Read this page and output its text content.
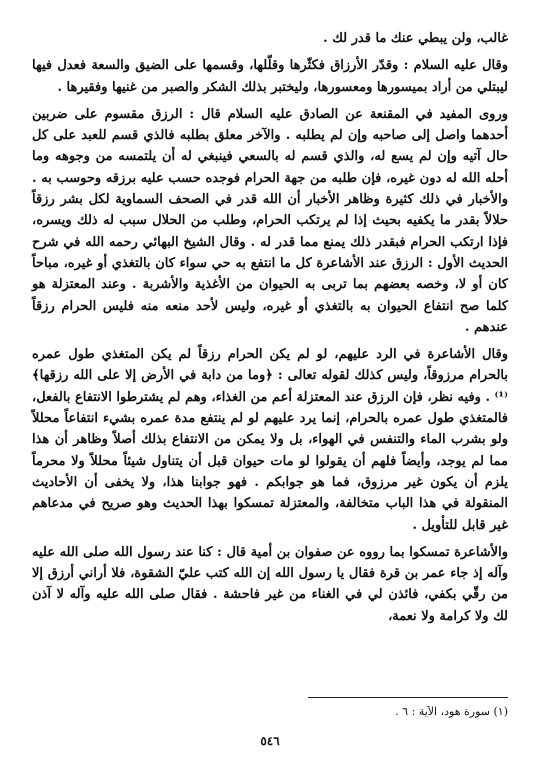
غالب، ولن يبطي عنك ما قدر لك .

وقال عليه السلام : وقدّر الأرزاق فكثّرها وقلّلها، وقسمها على الضيق والسعة فعدل فيها ليبتلي من أراد بميسورها ومعسورها، وليختبر بذلك الشكر والصبر من غنيها وفقيرها .

وروى المفيد في المقنعة عن الصادق عليه السلام قال : الرزق مقسوم على ضربين أحدهما واصل إلى صاحبه وإن لم يطلبه . والآخر معلق بطلبه فالذي قسم للعبد على كل حال آتيه وإن لم يسع له، والذي قسم له بالسعي فينبغي له أن يلتمسه من وجوهه وما أحله الله له دون غيره، فإن طلبه من جهة الحرام فوجده حسب عليه برزقه وحوسب به . والأخبار في ذلك كثيرة وظاهر الأخبار أن الله قدر في الصحف السماوية لكل بشر رزقاً حلالاً بقدر ما يكفيه بحيث إذا لم يرتكب الحرام، وطلب من الحلال سبب له ذلك ويسره، فإذا ارتكب الحرام فبقدر ذلك يمنع مما قدر له . وقال الشيخ البهائي رحمه الله في شرح الحديث الأول : الرزق عند الأشاعرة كل ما انتفع به حي سواء كان بالتغذي أو غيره، مباحاً كان أو لا، وخصه بعضهم بما تربى به الحيوان من الأغذية والأشربة . وعند المعتزلة هو كلما صح انتفاع الحيوان به بالتغذي أو غيره، وليس لأحد منعه منه فليس الحرام رزقاً عندهم .

وقال الأشاعرة في الرد عليهم، لو لم يكن الحرام رزقاً لم يكن المتغذي طول عمره بالحرام مرزوقاً، وليس كذلك لقوله تعالى : ﴿وما من دابة في الأرض إلا على الله رزقها﴾⁽¹⁾ . وفيه نظر، فإن الرزق عند المعتزلة أعم من الغذاء، وهم لم يشترطوا الانتفاع بالفعل، فالمتغذي طول عمره بالحرام، إنما يرد عليهم لو لم ينتفع مدة عمره بشيء انتفاعاً محللاً ولو بشرب الماء والتنفس في الهواء، بل ولا يمكن من الانتفاع بذلك أصلاً وظاهر أن هذا مما لم يوجد، وأيضاً فلهم أن يقولوا لو مات حيوان قبل أن يتناول شيئاً محللاً ولا محرماً يلزم أن يكون غير مرزوق، فما هو جوابكم . فهو جوابنا هذا، ولا يخفى أن الأحاديث المنقولة في هذا الباب متخالفة، والمعتزلة تمسكوا بهذا الحديث وهو صريح في مدعاهم غير قابل للتأويل .

والأشاعرة تمسكوا بما رووه عن صفوان بن أمية قال : كنا عند رسول الله صلى الله عليه وآله إذ جاء عمر بن قرة فقال يا رسول الله إن الله كتب عليّ الشقوة، فلا أراني أرزق إلا من رقّي بكفي، فائذن لي في الغناء من غير فاحشة . فقال صلى الله عليه وآله لا آذن لك ولا كرامة ولا نعمة،

(١) سورة هود، الآية : ٦ .
٥٤٦
